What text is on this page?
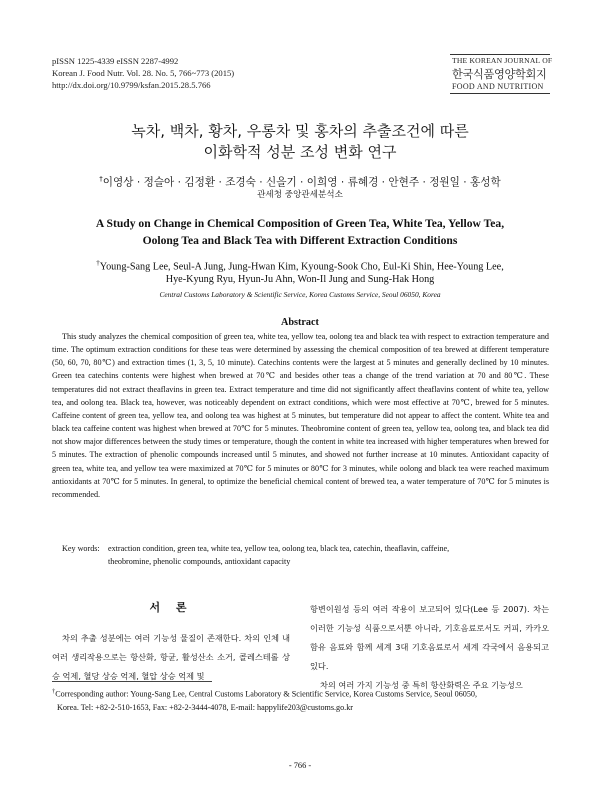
pISSN 1225-4339 eISSN 2287-4992
Korean J. Food Nutr. Vol. 28. No. 5, 766~773 (2015)
http://dx.doi.org/10.9799/ksfan.2015.28.5.766
THE KOREAN JOURNAL OF
한국식품영양학회지
FOOD AND NUTRITION
녹차, 백차, 황차, 우롱차 및 홍차의 추출조건에 따른
이화학적 성분 조성 변화 연구
†이영상 · 정슬아 · 김정환 · 조경숙 · 신을기 · 이희영 · 류혜경 · 안현주 · 정원일 · 홍성학
관세청 중앙관세분석소
A Study on Change in Chemical Composition of Green Tea, White Tea, Yellow Tea,
Oolong Tea and Black Tea with Different Extraction Conditions
†Young-Sang Lee, Seul-A Jung, Jung-Hwan Kim, Kyoung-Sook Cho, Eul-Ki Shin, Hee-Young Lee,
Hye-Kyung Ryu, Hyun-Ju Ahn, Won-Il Jung and Sung-Hak Hong
Central Customs Laboratory & Scientific Service, Korea Customs Service, Seoul 06050, Korea
Abstract

This study analyzes the chemical composition of green tea, white tea, yellow tea, oolong tea and black tea with respect to extraction temperature and time. The optimum extraction conditions for these teas were determined by assessing the chemical composition of tea brewed at different temperature (50, 60, 70, 80℃) and extraction times (1, 3, 5, 10 minute). Catechins contents were the largest at 5 minutes and generally declined by 10 minutes. Green tea catechins contents were highest when brewed at 70℃ and besides other teas a change of the trend variation at 70 and 80℃. These temperatures did not extract theaflavins in green tea. Extract temperature and time did not significantly affect theaflavins content of white tea, yellow tea, and oolong tea. Black tea, however, was noticeably dependent on extract conditions, which were most effective at 70℃, brewed for 5 minutes. Caffeine content of green tea, yellow tea, and oolong tea was highest at 5 minutes, but temperature did not appear to affect the content. White tea and black tea caffeine content was highest when brewed at 70℃ for 5 minutes. Theobromine content of green tea, yellow tea, oolong tea, and black tea did not show major differences between the study times or temperature, though the content in white tea increased with higher temperatures when brewed for 5 minutes. The extraction of phenolic compounds increased until 5 minutes, and showed not further increase at 10 minutes. Antioxidant capacity of green tea, white tea, and yellow tea were maximized at 70℃ for 5 minutes or 80℃ for 3 minutes, while oolong and black tea were reached maximum antioxidants at 70℃ for 5 minutes. In general, to optimize the beneficial chemical content of brewed tea, a water temperature of 70℃ for 5 minutes is recommended.

Key words: extraction condition, green tea, white tea, yellow tea, oolong tea, black tea, catechin, theaflavin, caffeine,
theobromine, phenolic compounds, antioxidant capacity
서 론

차의 추출 성분에는 여러 기능성 물질이 존재한다. 차의 인체 내 여러 생리작용으로는 항산화, 항균, 활성산소 소거, 콜레스테롤 상승 억제, 혈당 상승 억제, 혈압 상승 억제 및

항변이원성 등의 여러 작용이 보고되어 있다(Lee 등 2007). 차는 이러한 기능성 식품으로서뿐 아니라, 기호음료로서도 커피, 카카오 함유 음료와 함께 세계 3대 기호음료로서 세계 각국에서 음용되고 있다.

차의 여러 가지 기능성 중 특히 항산화력은 주요 기능성으

†Corresponding author: Young-Sang Lee, Central Customs Laboratory & Scientific Service, Korea Customs Service, Seoul 06050,
Korea. Tel: +82-2-510-1653, Fax: +82-2-3444-4078, E-mail: happylife203@customs.go.kr
- 766 -
